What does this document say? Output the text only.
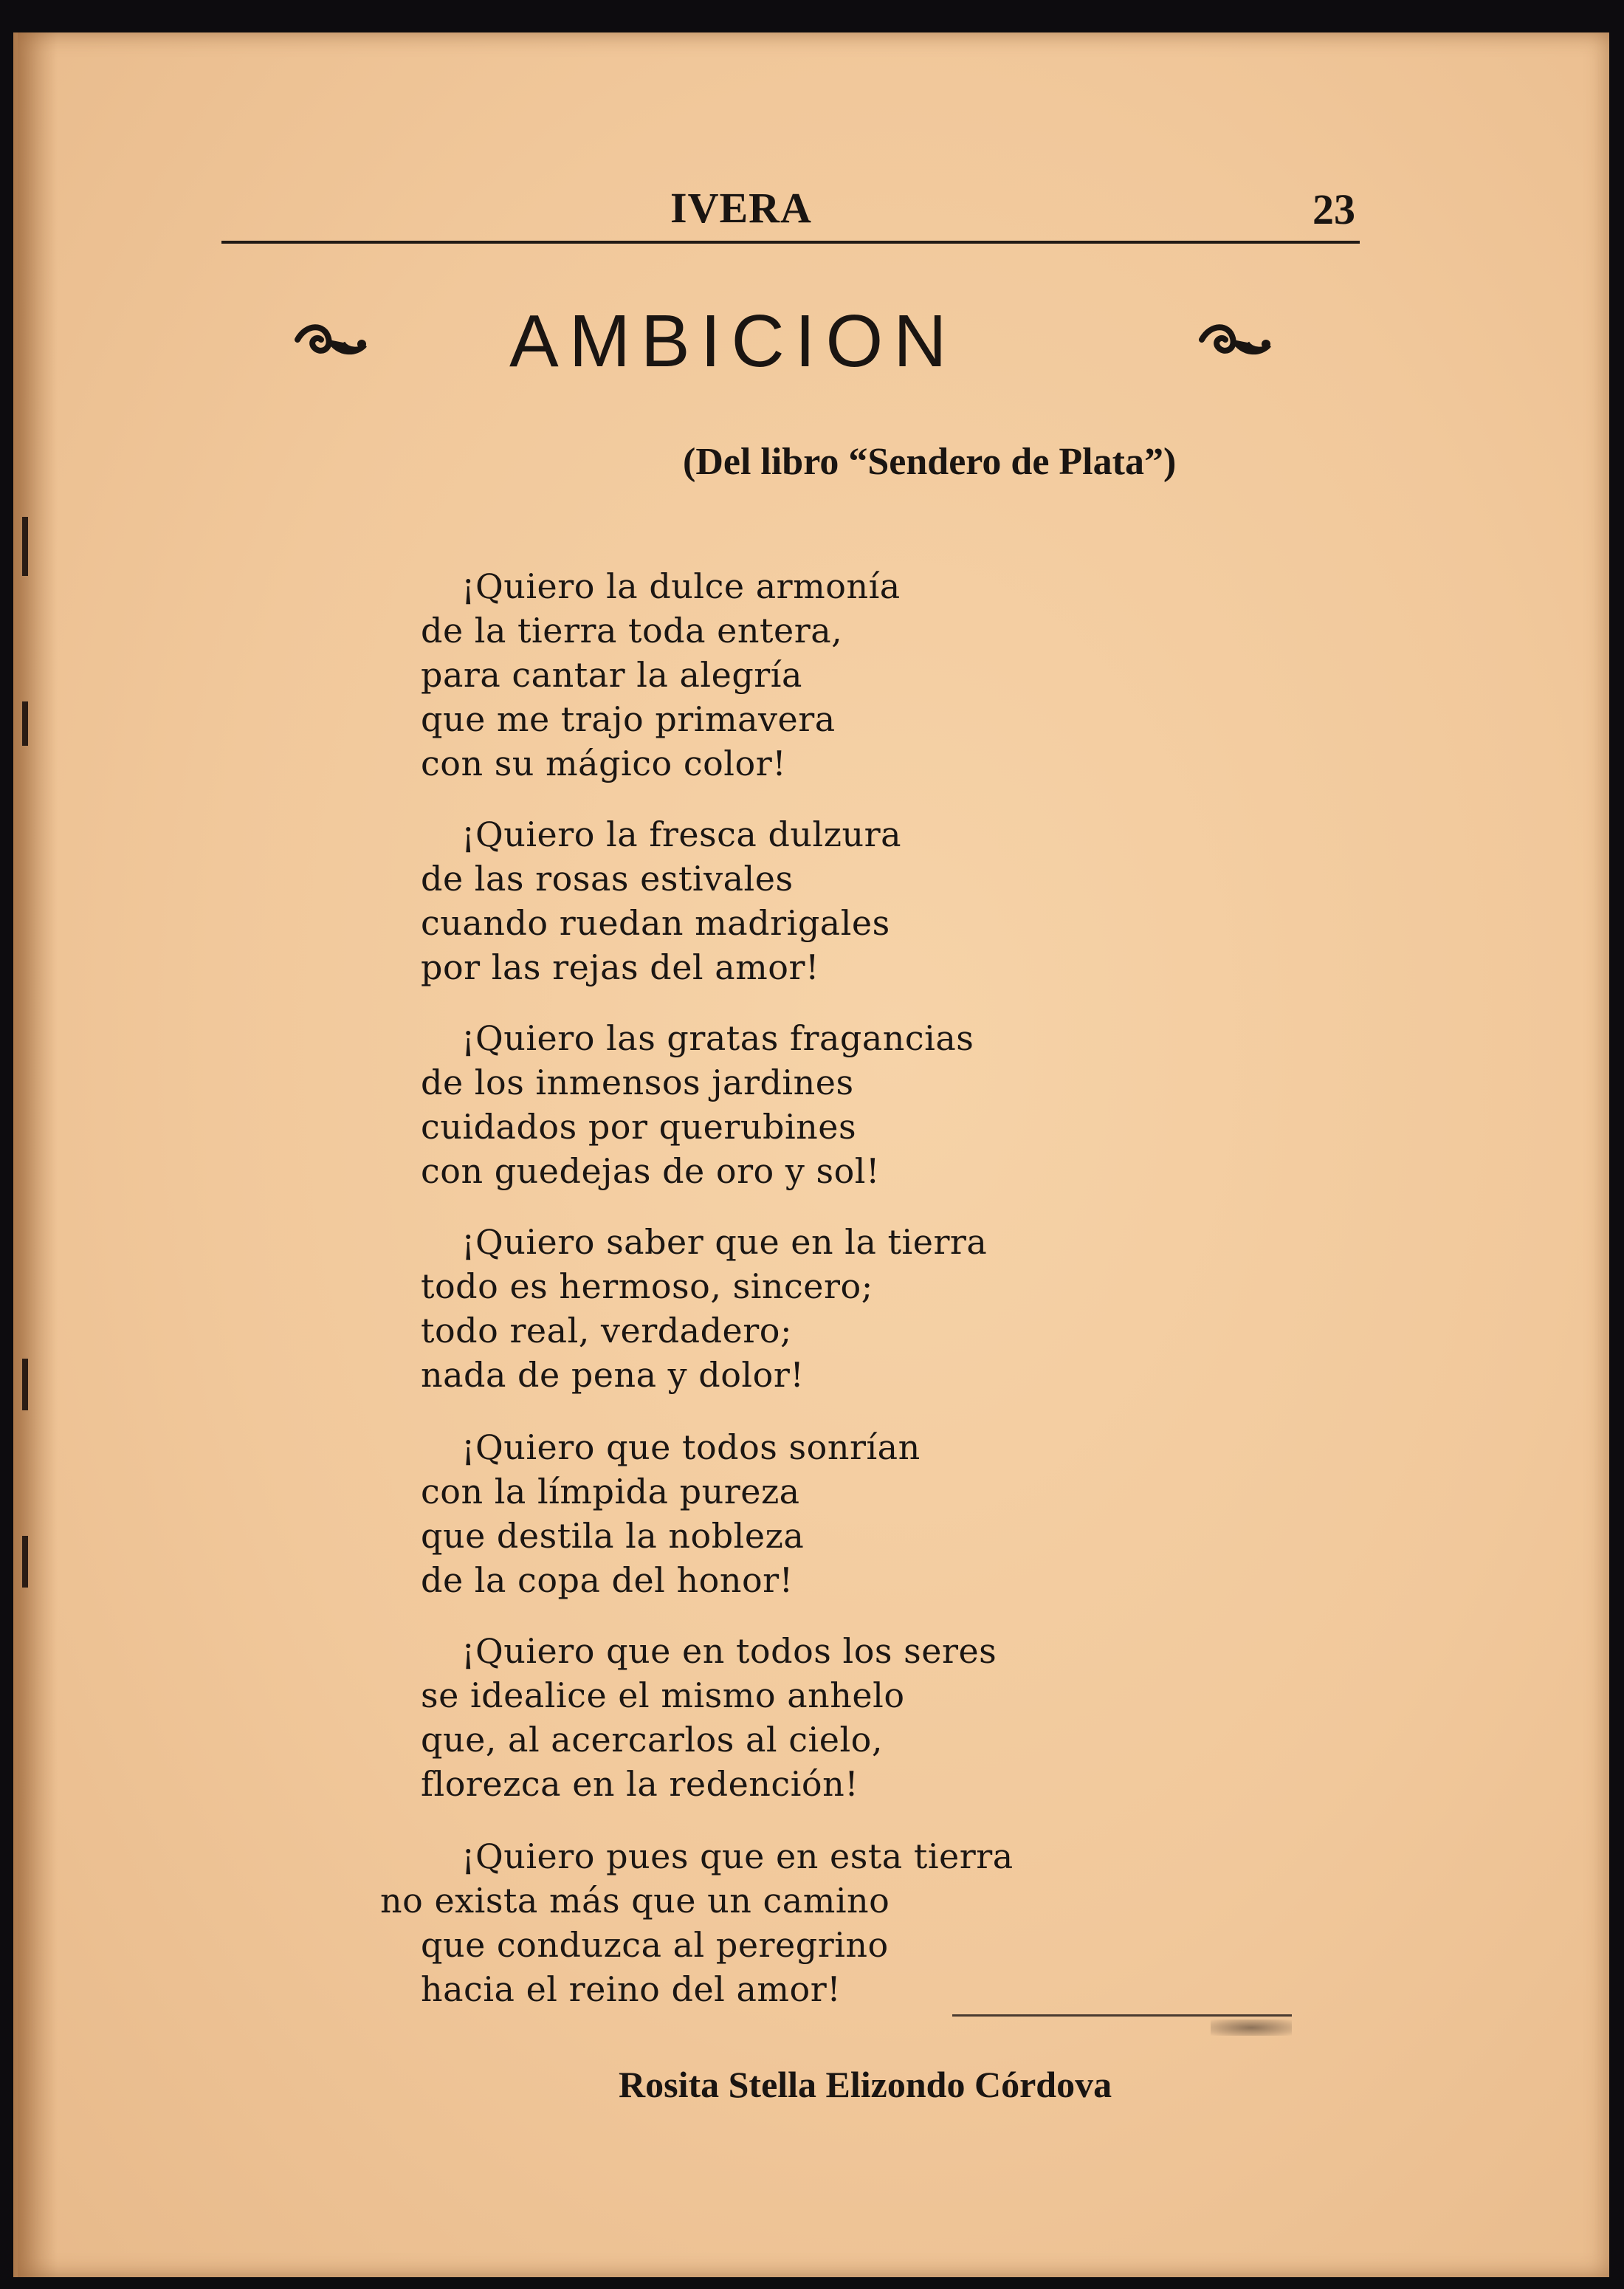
IVERA	23
AMBICION
(Del libro “Sendero de Plata”)
¡Quiero la dulce armonía
de la tierra toda entera,
para cantar la alegría
que me trajo primavera
con su mágico color!
¡Quiero la fresca dulzura
de las rosas estivales
cuando ruedan madrigales
por las rejas del amor!
¡Quiero las gratas fragancias
de los inmensos jardines
cuidados por querubines
con guedejas de oro y sol!
¡Quiero saber que en la tierra
todo es hermoso, sincero;
todo real, verdadero;
nada de pena y dolor!
¡Quiero que todos sonrían
con la límpida pureza
que destila la nobleza
de la copa del honor!
¡Quiero que en todos los seres
se idealice el mismo anhelo
que, al acercarlos al cielo,
florezca en la redención!
¡Quiero pues que en esta tierra
no exista más que un camino
que conduzca al peregrino
hacia el reino del amor!
Rosita Stella Elizondo Córdova
